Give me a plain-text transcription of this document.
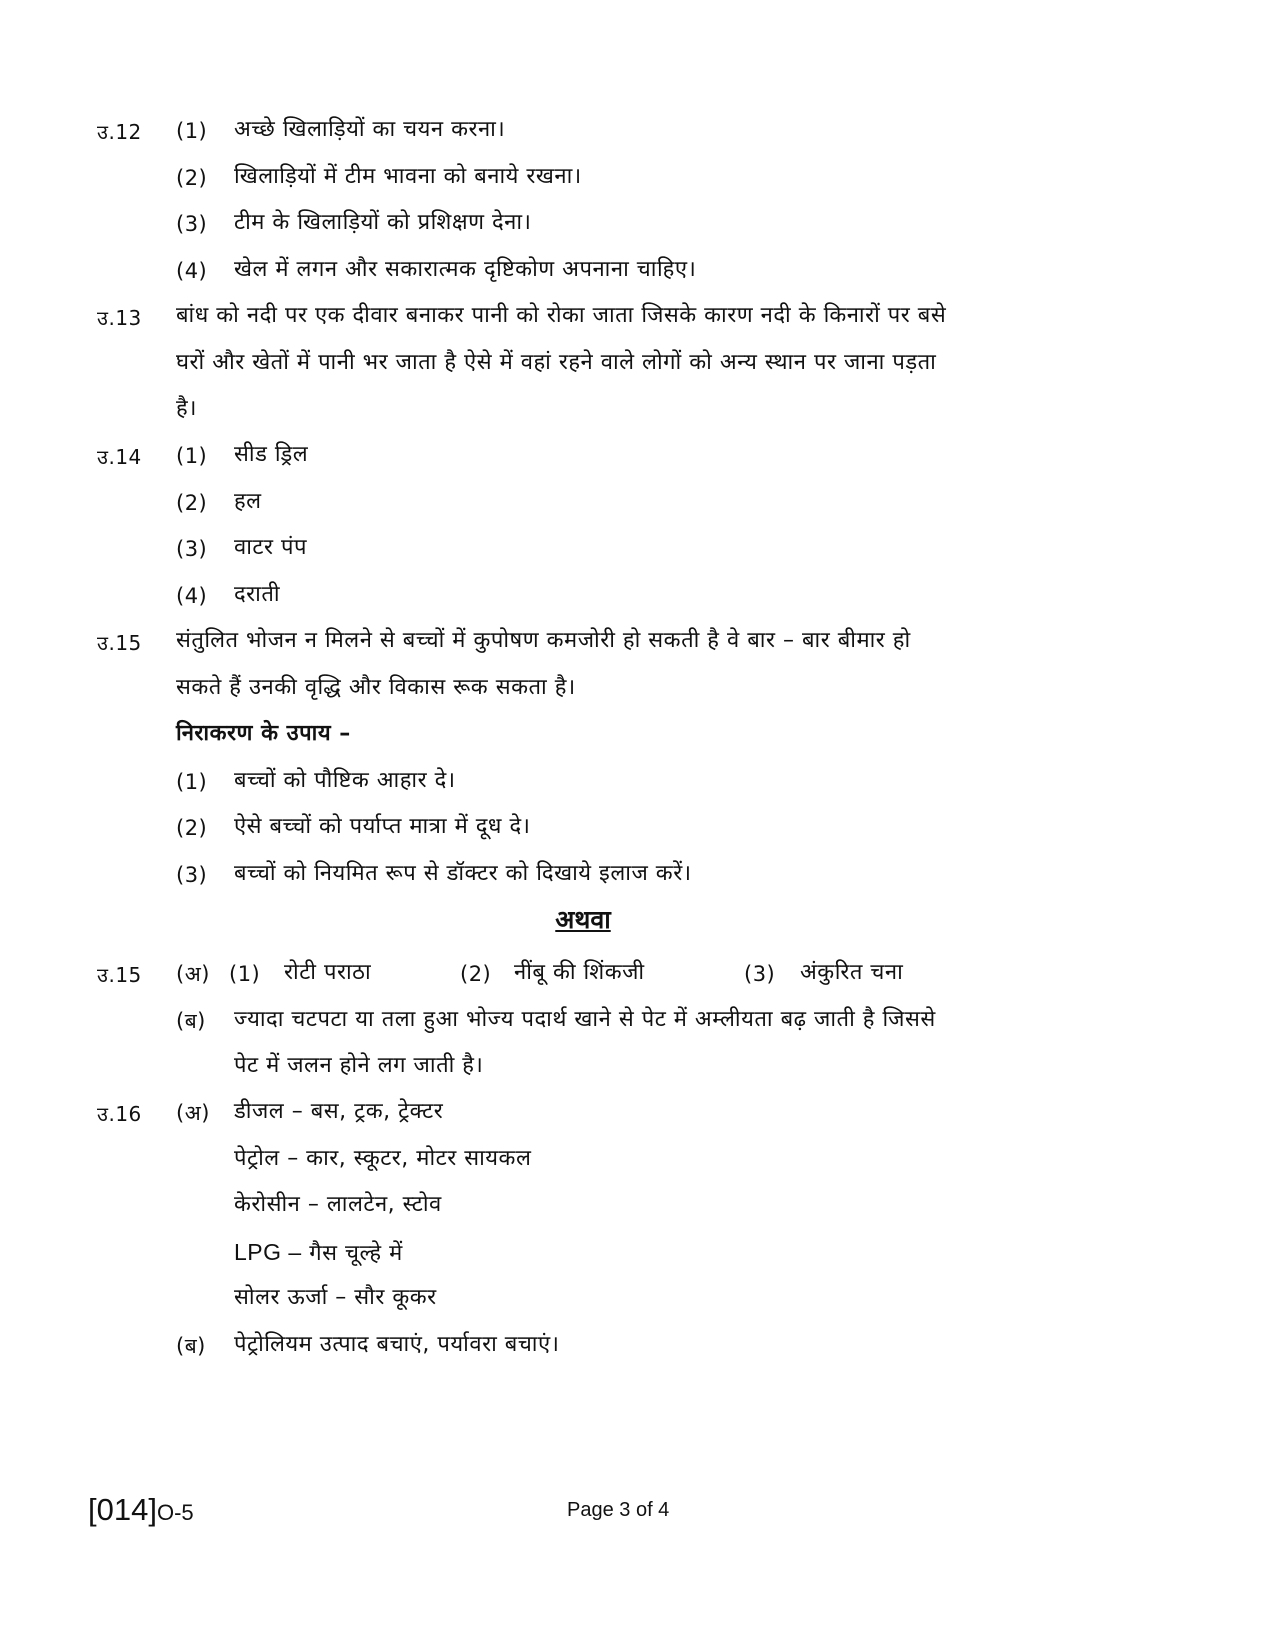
उ.12 (1) अच्छे खिलाड़ियों का चयन करना।
(2) खिलाड़ियों में टीम भावना को बनाये रखना।
(3) टीम के खिलाड़ियों को प्रशिक्षण देना।
(4) खेल में लगन और सकारात्मक दृष्टिकोण अपनाना चाहिए।
उ.13 बांध को नदी पर एक दीवार बनाकर पानी को रोका जाता जिसके कारण नदी के किनारों पर बसे
घरों और खेतों में पानी भर जाता है ऐसे में वहां रहने वाले लोगों को अन्य स्थान पर जाना पड़ता
है।
उ.14 (1) सीड ड्रिल
(2) हल
(3) वाटर पंप
(4) दराती
उ.15 संतुलित भोजन न मिलने से बच्चों में कुपोषण कमजोरी हो सकती है वे बार – बार बीमार हो
सकते हैं उनकी वृद्धि और विकास रूक सकता है।
निराकरण के उपाय –
(1) बच्चों को पौष्टिक आहार दे।
(2) ऐसे बच्चों को पर्याप्त मात्रा में दूध दे।
(3) बच्चों को नियमित रूप से डॉक्टर को दिखाये इलाज करें।
अथवा
उ.15 (अ) (1) रोटी पराठा	(2) नींबू की शिंकजी	(3) अंकुरित चना
(ब) ज्यादा चटपटा या तला हुआ भोज्य पदार्थ खाने से पेट में अम्लीयता बढ़ जाती है जिससे
पेट में जलन होने लग जाती है।
उ.16 (अ) डीजल – बस, ट्रक, ट्रेक्टर
पेट्रोल – कार, स्कूटर, मोटर सायकल
केरोसीन – लालटेन, स्टोव
LPG – गैस चूल्हे में
सोलर ऊर्जा – सौर कूकर
(ब) पेट्रोलियम उत्पाद बचाएं, पर्यावरा बचाएं।
[014]O-5	Page 3 of 4
